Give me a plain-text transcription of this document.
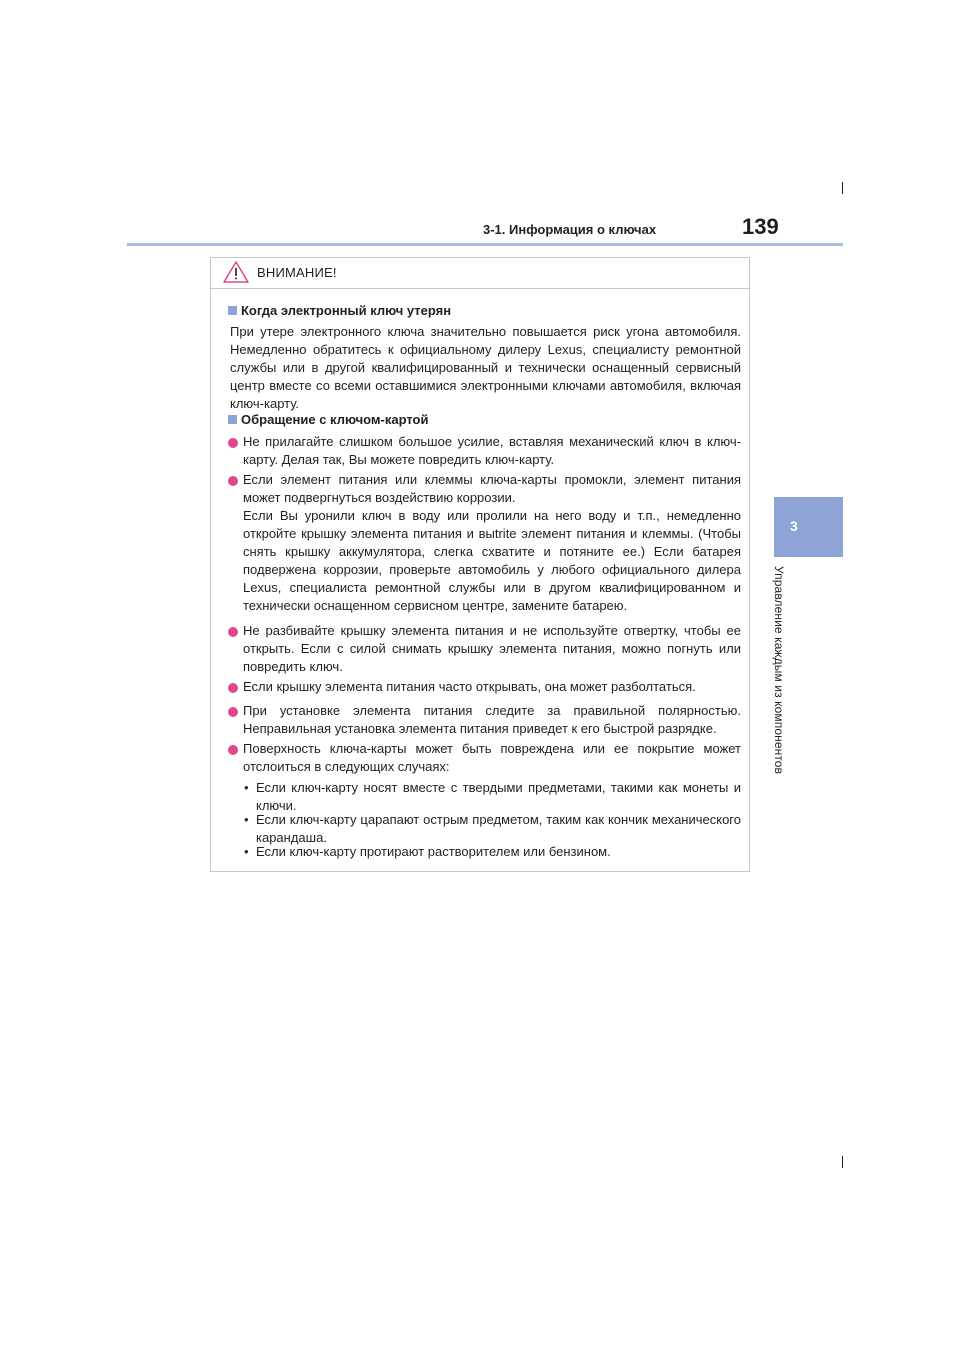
3-1. Информация о ключах	139
3
Управление каждым из компонентов
ВНИМАНИЕ!
Когда электронный ключ утерян
При утере электронного ключа значительно повышается риск угона автомобиля. Немедленно обратитесь к официальному дилеру Lexus, специалисту ремонтной службы или в другой квалифицированный и технически оснащенный сервисный центр вместе со всеми оставшимися электронными ключами автомобиля, включая ключ-карту.
Обращение с ключом-картой
Не прилагайте слишком большое усилие, вставляя механический ключ в ключ-карту. Делая так, Вы можете повредить ключ-карту.
Если элемент питания или клеммы ключа-карты промокли, элемент питания может подвергнуться воздействию коррозии.
Если Вы уронили ключ в воду или пролили на него воду и т.п., немедленно откройте крышку элемента питания и выtrite элемент питания и клеммы. (Чтобы снять крышку аккумулятора, слегка схватите и потяните ее.) Если батарея подвержена коррозии, проверьте автомобиль у любого официального дилера Lexus, специалиста ремонтной службы или в другом квалифицированном и технически оснащенном сервисном центре, замените батарею.
Не разбивайте крышку элемента питания и не используйте отвертку, чтобы ее открыть. Если с силой снимать крышку элемента питания, можно погнуть или повредить ключ.
Если крышку элемента питания часто открывать, она может разболтаться.
При установке элемента питания следите за правильной полярностью. Неправильная установка элемента питания приведет к его быстрой разрядке.
Поверхность ключа-карты может быть повреждена или ее покрытие может отслоиться в следующих случаях:
• Если ключ-карту носят вместе с твердыми предметами, такими как монеты и ключи.
• Если ключ-карту царапают острым предметом, таким как кончик механического карандаша.
• Если ключ-карту протирают растворителем или бензином.
